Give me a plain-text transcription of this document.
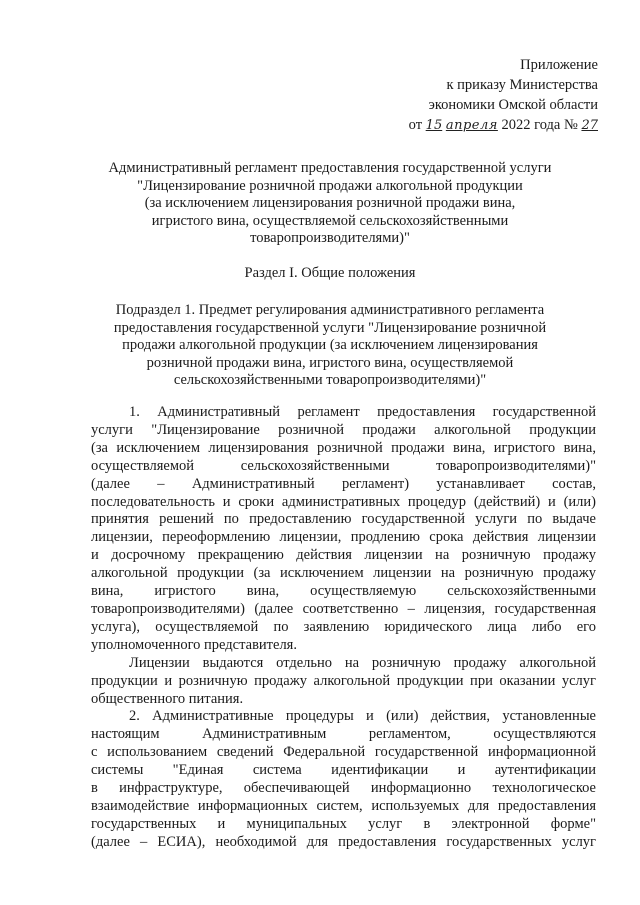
Приложение
к приказу Министерства
экономики Омской области
от 15 апреля 2022 года № 27
Административный регламент предоставления государственной услуги
"Лицензирование розничной продажи алкогольной продукции
(за исключением лицензирования розничной продажи вина,
игристого вина, осуществляемой сельскохозяйственными
товаропроизводителями)"
Раздел I. Общие положения
Подраздел 1. Предмет регулирования административного регламента
предоставления государственной услуги "Лицензирование розничной
продажи алкогольной продукции (за исключением лицензирования
розничной продажи вина, игристого вина, осуществляемой
сельскохозяйственными товаропроизводителями)"
1. Административный регламент предоставления государственной
услуги "Лицензирование розничной продажи алкогольной продукции
(за исключением лицензирования розничной продажи вина, игристого вина,
осуществляемой сельскохозяйственными товаропроизводителями)"
(далее – Административный регламент) устанавливает состав,
последовательность и сроки административных процедур (действий) и (или)
принятия решений по предоставлению государственной услуги по выдаче
лицензии, переоформлению лицензии, продлению срока действия лицензии
и досрочному прекращению действия лицензии на розничную продажу
алкогольной продукции (за исключением лицензии на розничную продажу
вина, игристого вина, осуществляемую сельскохозяйственными
товаропроизводителями) (далее соответственно – лицензия, государственная
услуга), осуществляемой по заявлению юридического лица либо его
уполномоченного представителя.
Лицензии выдаются отдельно на розничную продажу алкогольной
продукции и розничную продажу алкогольной продукции при оказании услуг
общественного питания.
2. Административные процедуры и (или) действия, установленные
настоящим Административным регламентом, осуществляются
с использованием сведений Федеральной государственной информационной
системы "Единая система идентификации и аутентификации
в инфраструктуре, обеспечивающей информационно технологическое
взаимодействие информационных систем, используемых для предоставления
государственных и муниципальных услуг в электронной форме"
(далее – ЕСИА), необходимой для предоставления государственных услуг
